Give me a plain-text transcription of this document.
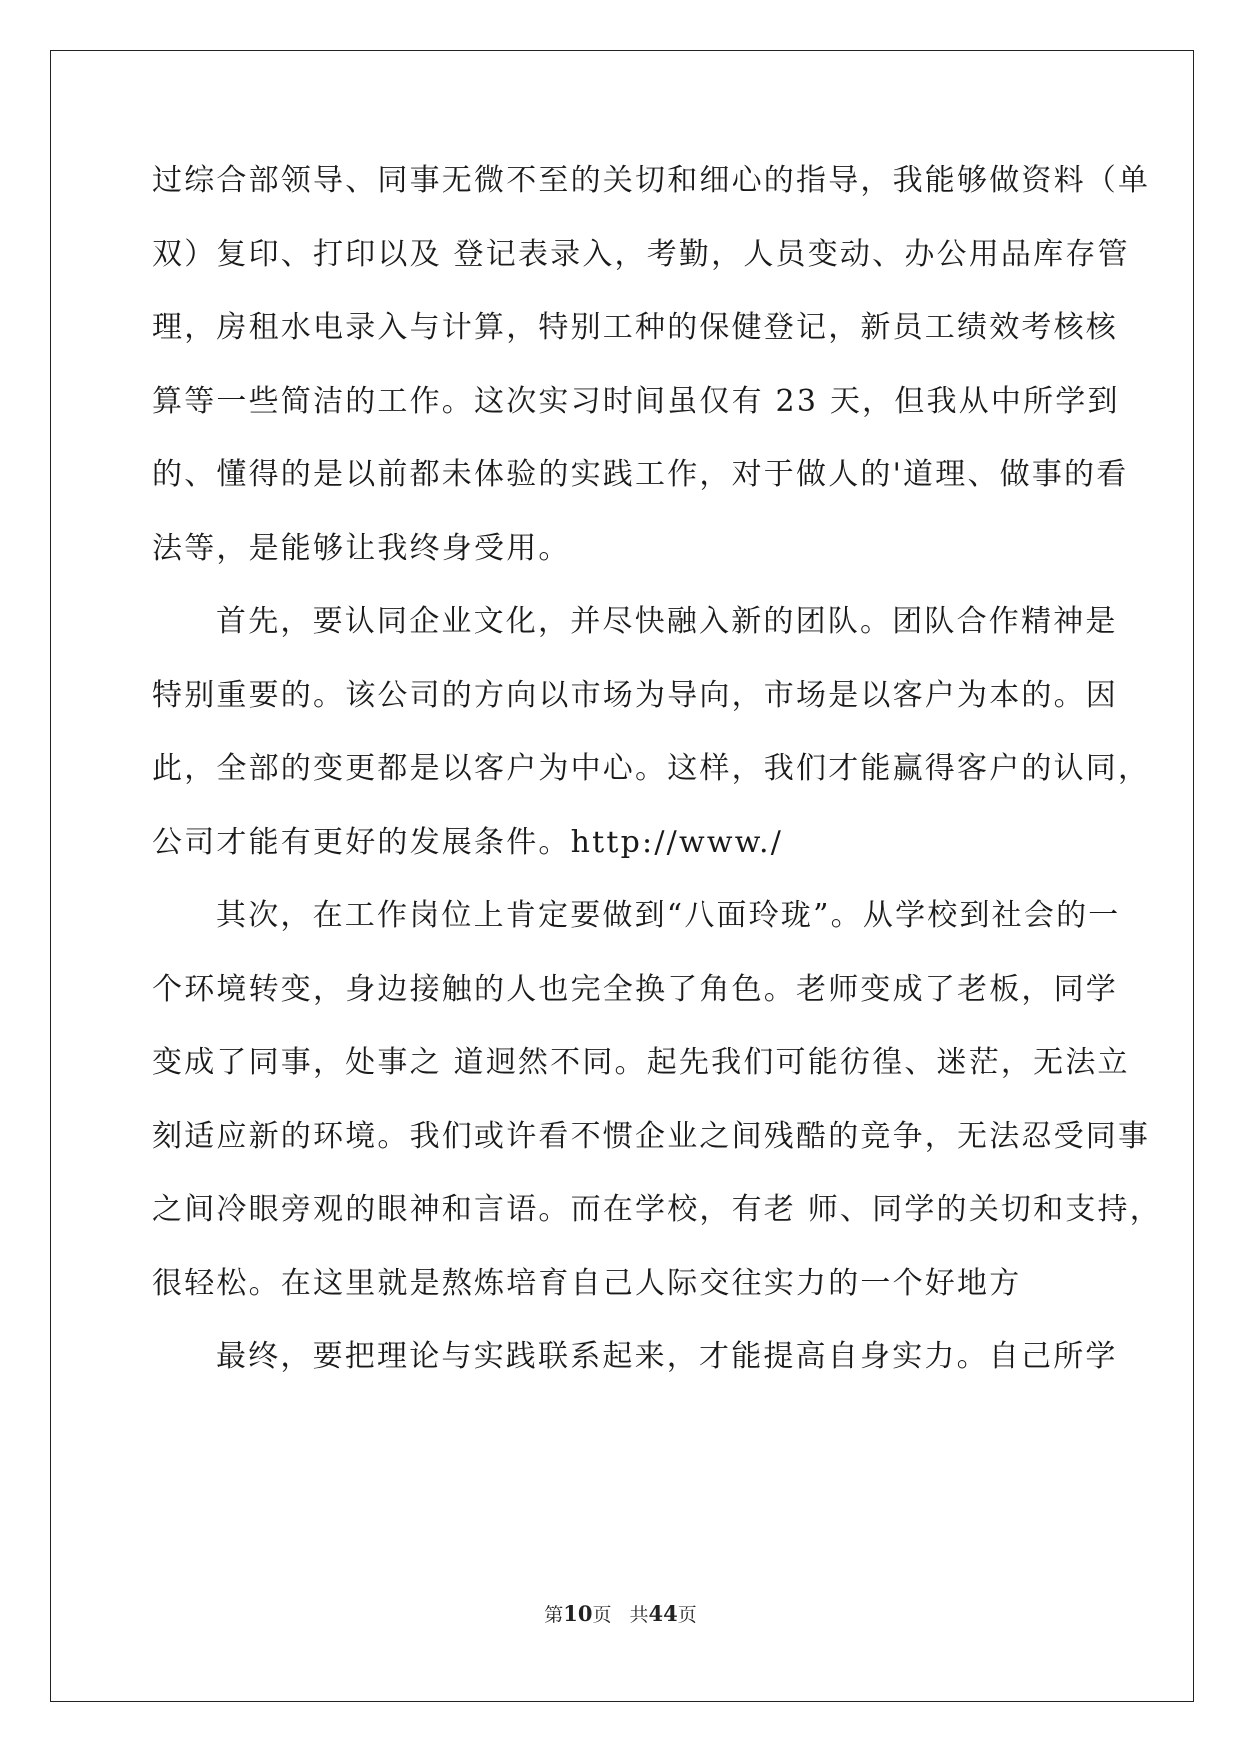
过综合部领导、同事无微不至的关切和细心的指导，我能够做资料（单
双）复印、打印以及 登记表录入，考勤，人员变动、办公用品库存管
理，房租水电录入与计算，特别工种的保健登记，新员工绩效考核核
算等一些简洁的工作。这次实习时间虽仅有 23 天，但我从中所学到
的、懂得的是以前都未体验的实践工作，对于做人的'道理、做事的看
法等，是能够让我终身受用。
首先，要认同企业文化，并尽快融入新的团队。团队合作精神是
特别重要的。该公司的方向以市场为导向，市场是以客户为本的。因
此，全部的变更都是以客户为中心。这样，我们才能赢得客户的认同，
公司才能有更好的发展条件。http://www./
其次，在工作岗位上肯定要做到“八面玲珑”。从学校到社会的一
个环境转变，身边接触的人也完全换了角色。老师变成了老板，同学
变成了同事，处事之 道迥然不同。起先我们可能彷徨、迷茫，无法立
刻适应新的环境。我们或许看不惯企业之间残酷的竞争，无法忍受同事
之间冷眼旁观的眼神和言语。而在学校，有老 师、同学的关切和支持，
很轻松。在这里就是熬炼培育自己人际交往实力的一个好地方
最终，要把理论与实践联系起来，才能提高自身实力。自己所学
第10页 共44页
